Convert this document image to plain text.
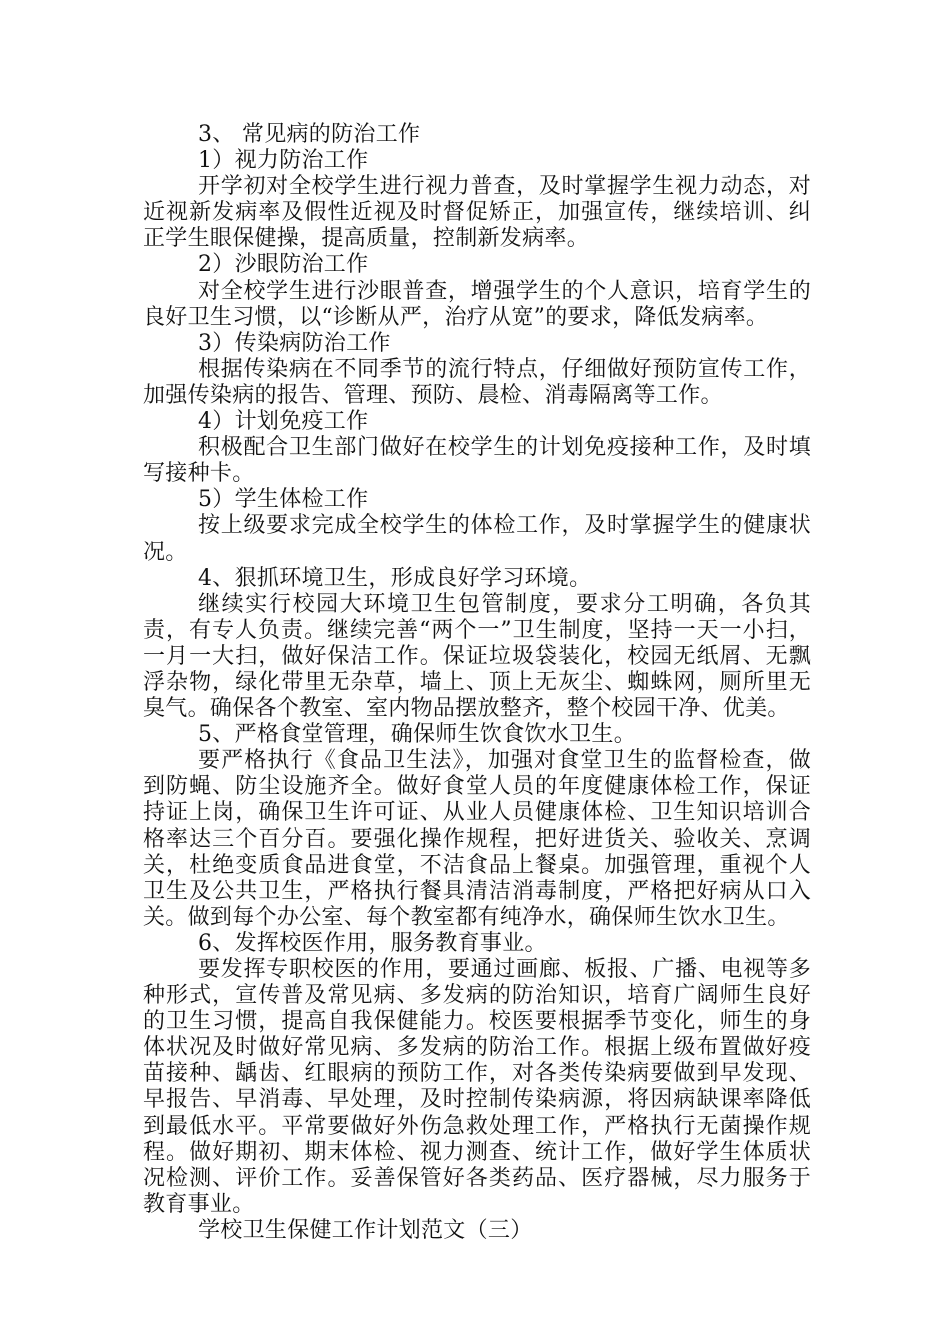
3、 常见病的防治工作

1）视力防治工作

开学初对全校学生进行视力普查，及时掌握学生视力动态，对近视新发病率及假性近视及时督促矫正，加强宣传，继续培训、纠正学生眼保健操，提高质量，控制新发病率。

2）沙眼防治工作

对全校学生进行沙眼普查，增强学生的个人意识，培育学生的良好卫生习惯，以“诊断从严，治疗从宽”的要求，降低发病率。

3）传染病防治工作

根据传染病在不同季节的流行特点，仔细做好预防宣传工作，加强传染病的报告、管理、预防、晨检、消毒隔离等工作。

4）计划免疫工作

积极配合卫生部门做好在校学生的计划免疫接种工作，及时填写接种卡。

5）学生体检工作

按上级要求完成全校学生的体检工作，及时掌握学生的健康状况。

4、狠抓环境卫生，形成良好学习环境。

继续实行校园大环境卫生包管制度，要求分工明确，各负其责，有专人负责。继续完善“两个一”卫生制度，坚持一天一小扫，一月一大扫，做好保洁工作。保证垃圾袋装化，校园无纸屑、无飘浮杂物，绿化带里无杂草，墙上、顶上无灰尘、蜘蛛网，厕所里无臭气。确保各个教室、室内物品摆放整齐，整个校园干净、优美。

5、严格食堂管理，确保师生饮食饮水卫生。

要严格执行《食品卫生法》，加强对食堂卫生的监督检查，做到防蝇、防尘设施齐全。做好食堂人员的年度健康体检工作，保证持证上岗，确保卫生许可证、从业人员健康体检、卫生知识培训合格率达三个百分百。要强化操作规程，把好进货关、验收关、烹调关，杜绝变质食品进食堂，不洁食品上餐桌。加强管理，重视个人卫生及公共卫生，严格执行餐具清洁消毒制度，严格把好病从口入关。做到每个办公室、每个教室都有纯净水，确保师生饮水卫生。

6、发挥校医作用，服务教育事业。

要发挥专职校医的作用，要通过画廊、板报、广播、电视等多种形式，宣传普及常见病、多发病的防治知识，培育广阔师生良好的卫生习惯，提高自我保健能力。校医要根据季节变化，师生的身体状况及时做好常见病、多发病的防治工作。根据上级布置做好疫苗接种、龋齿、红眼病的预防工作，对各类传染病要做到早发现、早报告、早消毒、早处理，及时控制传染病源，将因病缺课率降低到最低水平。平常要做好外伤急救处理工作，严格执行无菌操作规程。做好期初、期末体检、视力测查、统计工作，做好学生体质状况检测、评价工作。妥善保管好各类药品、医疗器械，尽力服务于教育事业。

学校卫生保健工作计划范文（三）
